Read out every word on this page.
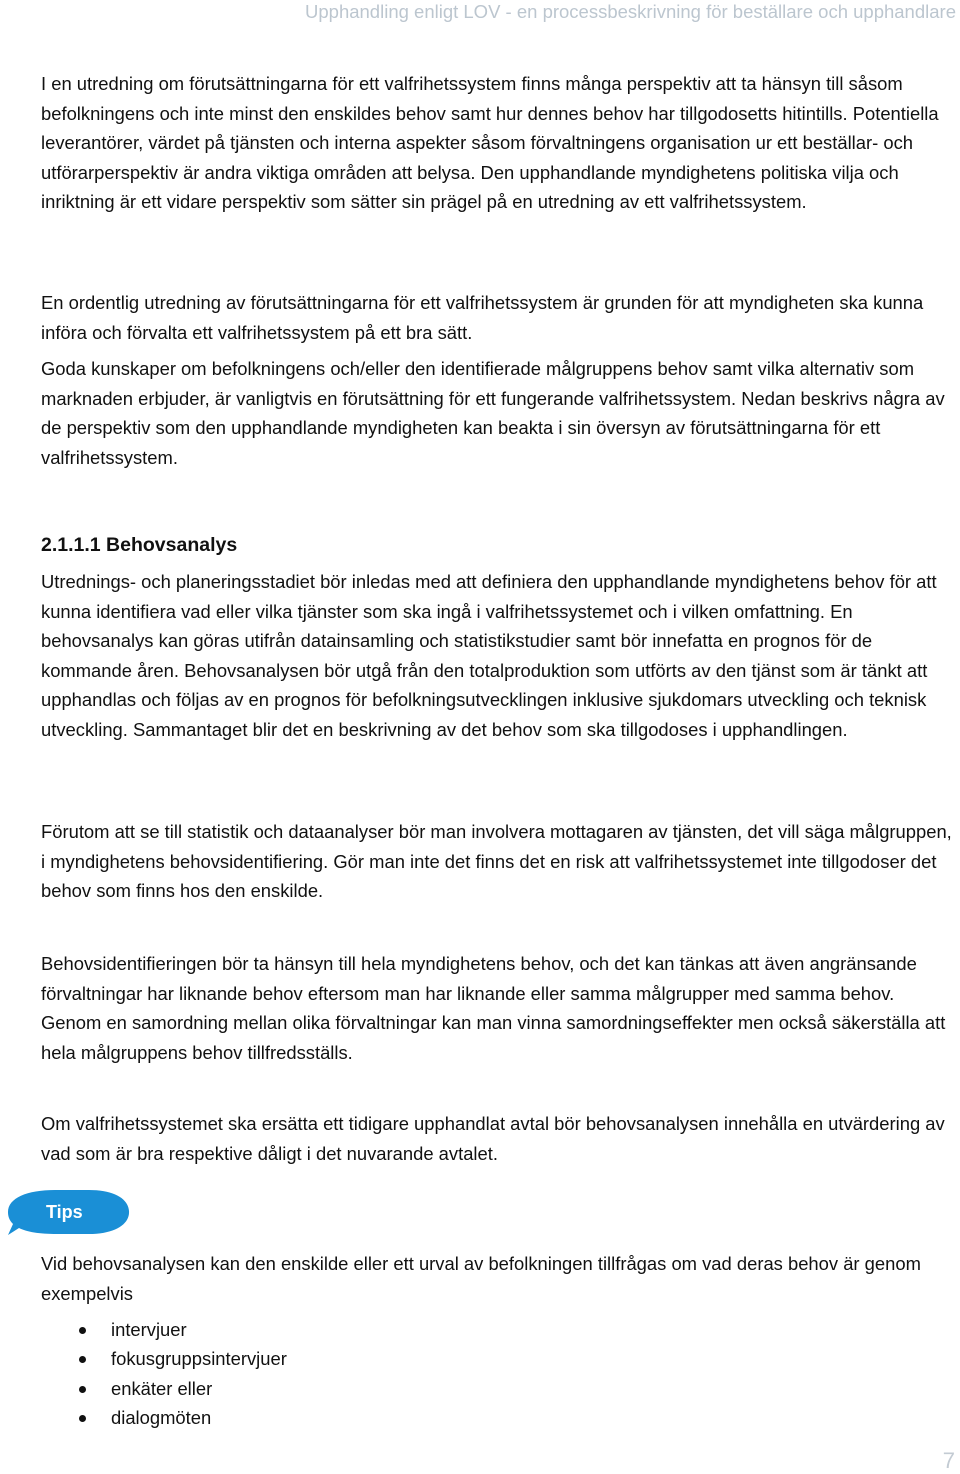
Upphandling enligt LOV - en processbeskrivning för beställare och upphandlare

I en utredning om förutsättningarna för ett valfrihetssystem finns många perspektiv att ta hänsyn till såsom befolkningens och inte minst den enskildes behov samt hur dennes behov har tillgodosetts hitintills. Potentiella leverantörer, värdet på tjänsten och interna aspekter såsom förvaltningens organisation ur ett beställar- och utförarperspektiv är andra viktiga områden att belysa. Den upphandlande myndighetens politiska vilja och inriktning är ett vidare perspektiv som sätter sin prägel på en utredning av ett valfrihetssystem.

En ordentlig utredning av förutsättningarna för ett valfrihetssystem är grunden för att myndigheten ska kunna införa och förvalta ett valfrihetssystem på ett bra sätt.

Goda kunskaper om befolkningens och/eller den identifierade målgruppens behov samt vilka alternativ som marknaden erbjuder, är vanligtvis en förutsättning för ett fungerande valfrihetssystem. Nedan beskrivs några av de perspektiv som den upphandlande myndigheten kan beakta i sin översyn av förutsättningarna för ett valfrihetssystem.

2.1.1.1 Behovsanalys

Utrednings- och planeringsstadiet bör inledas med att definiera den upphandlande myndighetens behov för att kunna identifiera vad eller vilka tjänster som ska ingå i valfrihetssystemet och i vilken omfattning. En behovsanalys kan göras utifrån datainsamling och statistikstudier samt bör innefatta en prognos för de kommande åren. Behovsanalysen bör utgå från den totalproduktion som utförts av den tjänst som är tänkt att upphandlas och följas av en prognos för befolkningsutvecklingen inklusive sjukdomars utveckling och teknisk utveckling. Sammantaget blir det en beskrivning av det behov som ska tillgodoses i upphandlingen.

Förutom att se till statistik och dataanalyser bör man involvera mottagaren av tjänsten, det vill säga målgruppen, i myndighetens behovsidentifiering. Gör man inte det finns det en risk att valfrihetssystemet inte tillgodoser det behov som finns hos den enskilde.

Behovsidentifieringen bör ta hänsyn till hela myndighetens behov, och det kan tänkas att även angränsande förvaltningar har liknande behov eftersom man har liknande eller samma målgrupper med samma behov. Genom en samordning mellan olika förvaltningar kan man vinna samordningseffekter men också säkerställa att hela målgruppens behov tillfredsställs.

Om valfrihetssystemet ska ersätta ett tidigare upphandlat avtal bör behovsanalysen innehålla en utvärdering av vad som är bra respektive dåligt i det nuvarande avtalet.

Tips

Vid behovsanalysen kan den enskilde eller ett urval av befolkningen tillfrågas om vad deras behov är genom exempelvis

intervjuer
fokusgruppsintervjuer
enkäter eller
dialogmöten
7
